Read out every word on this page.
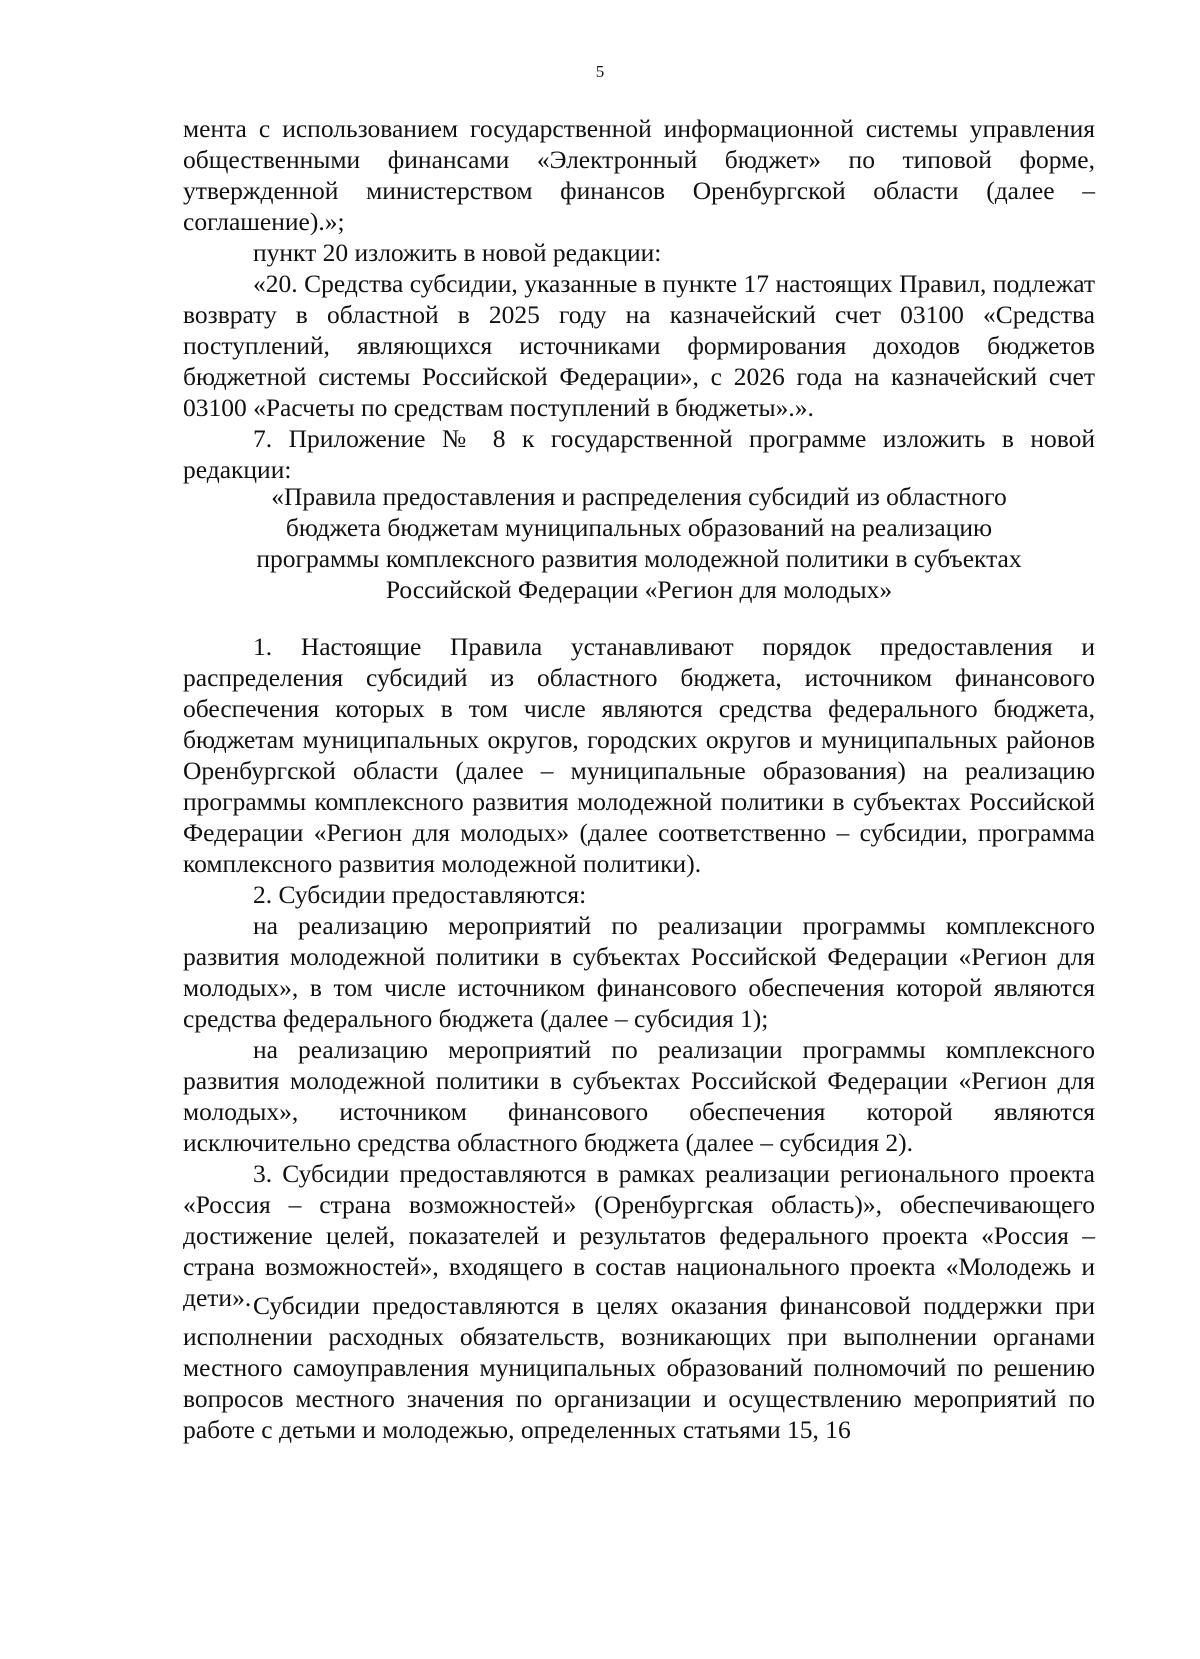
5

мента с использованием государственной информационной системы управления общественными финансами «Электронный бюджет» по типовой форме, утвержденной министерством финансов Оренбургской области (далее – соглашение).»;

пункт 20 изложить в новой редакции:

«20. Средства субсидии, указанные в пункте 17 настоящих Правил, подлежат возврату в областной в 2025 году на казначейский счет 03100 «Средства поступлений, являющихся источниками формирования доходов бюджетов бюджетной системы Российской Федерации», с 2026 года на казначейский счет 03100 «Расчеты по средствам поступлений в бюджеты».».

7. Приложение № 8 к государственной программе изложить в новой редакции:

«Правила предоставления и распределения субсидий из областного
бюджета бюджетам муниципальных образований на реализацию
программы комплексного развития молодежной политики в субъектах
Российской Федерации «Регион для молодых»

1. Настоящие Правила устанавливают порядок предоставления и распределения субсидий из областного бюджета, источником финансового обеспечения которых в том числе являются средства федерального бюджета, бюджетам муниципальных округов, городских округов и муниципальных районов Оренбургской области (далее – муниципальные образования) на реализацию программы комплексного развития молодежной политики в субъектах Российской Федерации «Регион для молодых» (далее соответственно – субсидии, программа комплексного развития молодежной политики).

2. Субсидии предоставляются:

на реализацию мероприятий по реализации программы комплексного развития молодежной политики в субъектах Российской Федерации «Регион для молодых», в том числе источником финансового обеспечения которой являются средства федерального бюджета (далее – субсидия 1);

на реализацию мероприятий по реализации программы комплексного развития молодежной политики в субъектах Российской Федерации «Регион для молодых», источником финансового обеспечения которой являются исключительно средства областного бюджета (далее – субсидия 2).

3. Субсидии предоставляются в рамках реализации регионального проекта «Россия – страна возможностей» (Оренбургская область)», обеспечивающего достижение целей, показателей и результатов федерального проекта «Россия – страна возможностей», входящего в состав национального проекта «Молодежь и дети». Субсидии предоставляются в целях оказания финансовой поддержки при исполнении расходных обязательств, возникающих при выполнении органами местного самоуправления муниципальных образований полномочий по решению вопросов местного значения по организации и осуществлению мероприятий по работе с детьми и молодежью, определенных статьями 15, 16
